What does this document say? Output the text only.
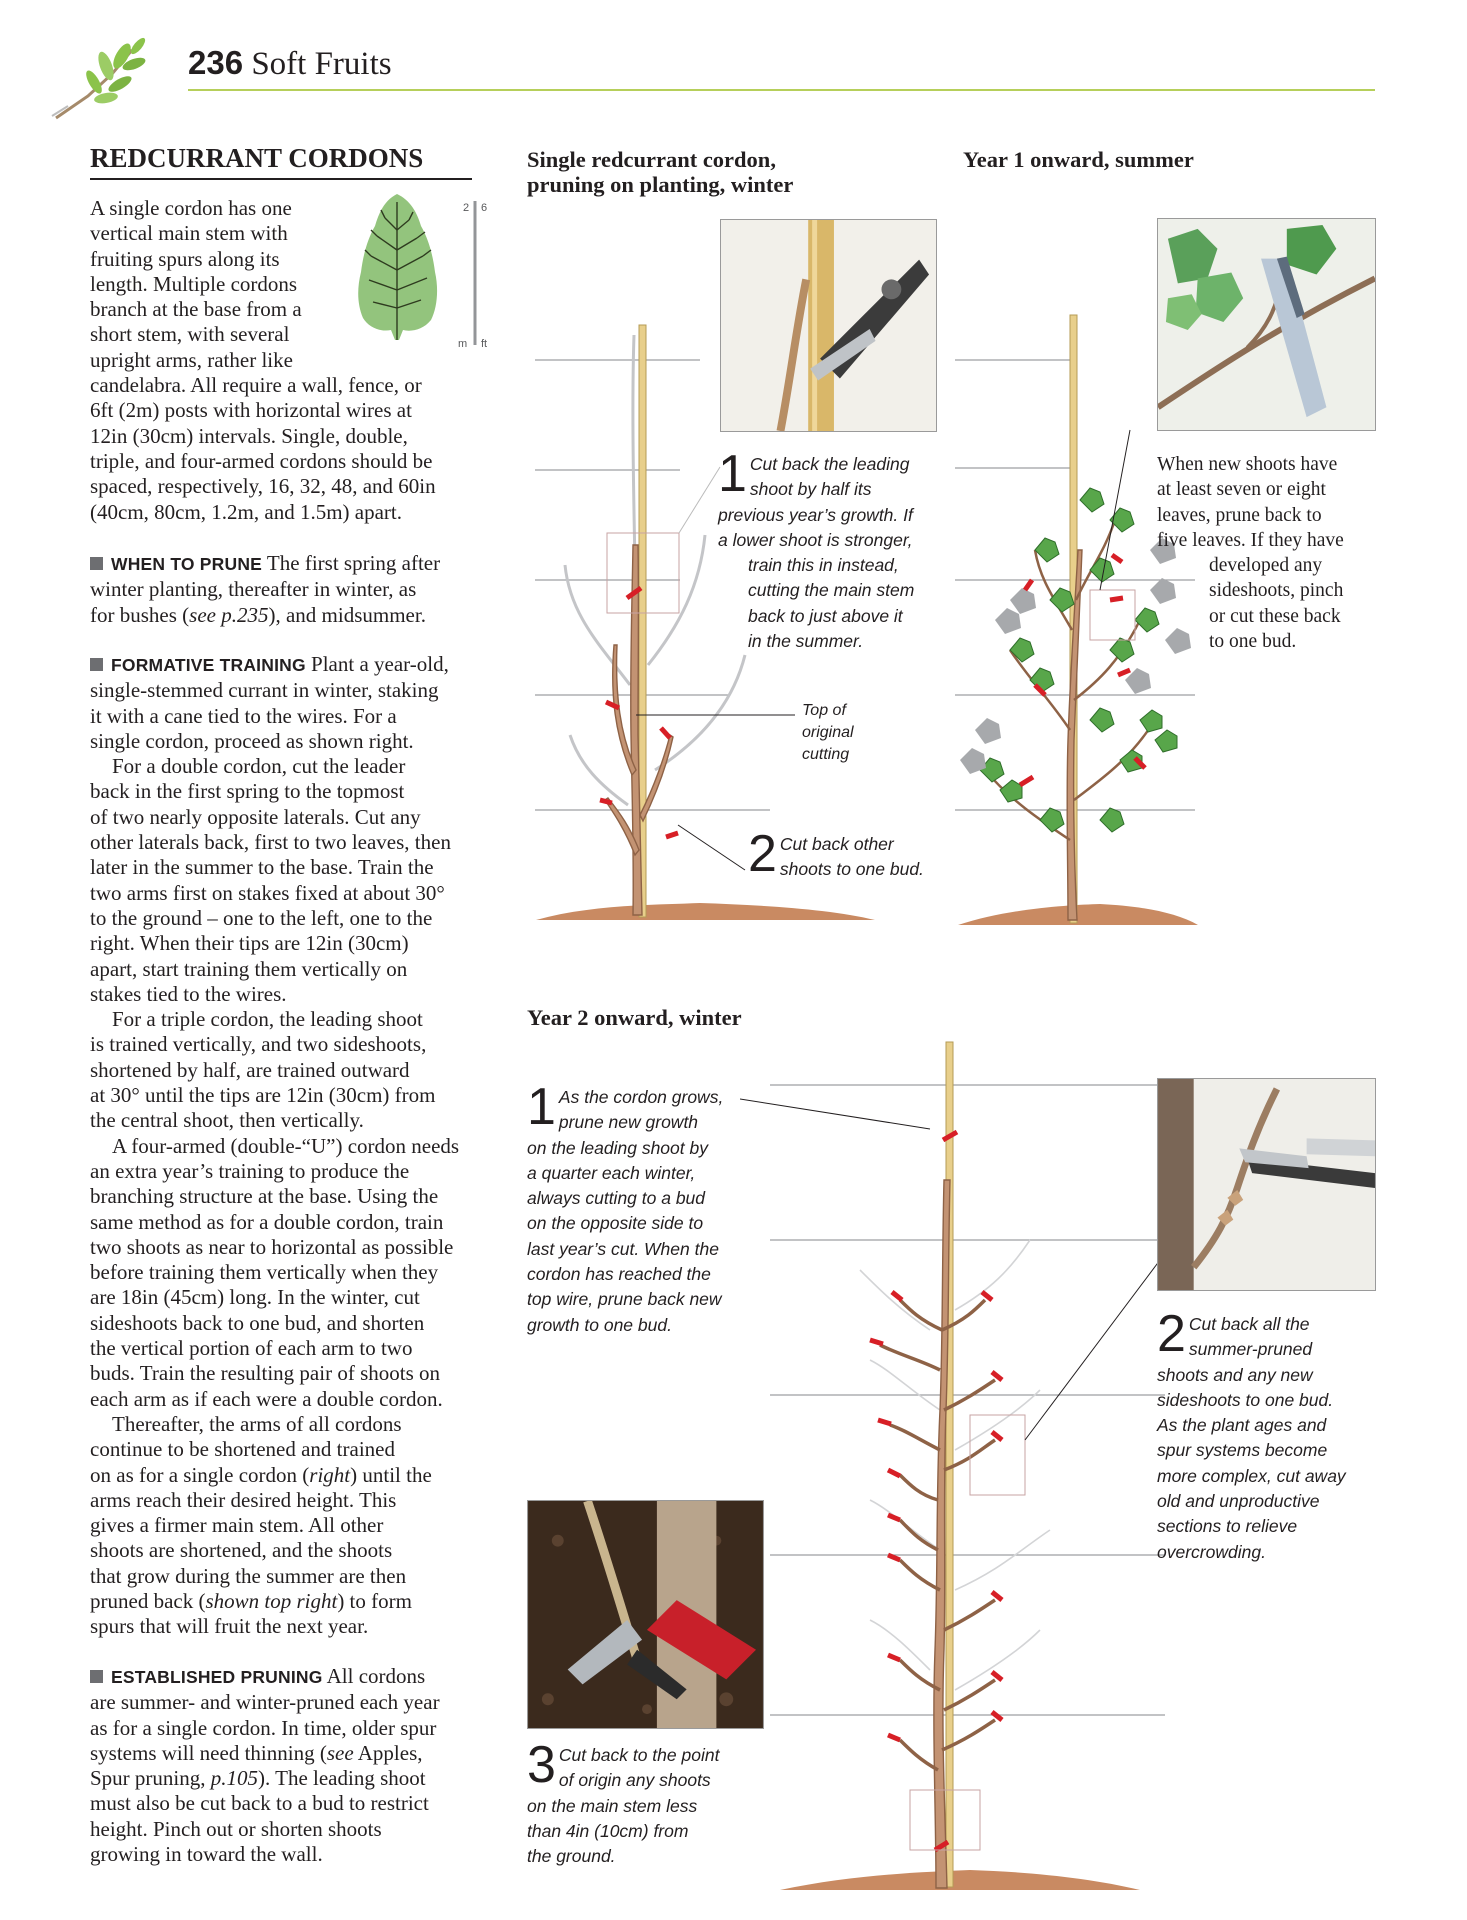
236 Soft Fruits
REDCURRANT CORDONS
A single cordon has one
vertical main stem with
fruiting spurs along its
length. Multiple cordons
branch at the base from a
short stem, with several
upright arms, rather like
candelabra. All require a wall, fence, or
6ft (2m) posts with horizontal wires at
12in (30cm) intervals. Single, double,
triple, and four-armed cordons should be
spaced, respectively, 16, 32, 48, and 60in
(40cm, 80cm, 1.2m, and 1.5m) apart.
2 6
m ft
WHEN TO PRUNE The first spring after
winter planting, thereafter in winter, as
for bushes (see p.235), and midsummer.
FORMATIVE TRAINING Plant a year-old,
single-stemmed currant in winter, staking
it with a cane tied to the wires. For a
single cordon, proceed as shown right.
For a double cordon, cut the leader
back in the first spring to the topmost
of two nearly opposite laterals. Cut any
other laterals back, first to two leaves, then
later in the summer to the base. Train the
two arms first on stakes fixed at about 30°
to the ground – one to the left, one to the
right. When their tips are 12in (30cm)
apart, start training them vertically on
stakes tied to the wires.
For a triple cordon, the leading shoot
is trained vertically, and two sideshoots,
shortened by half, are trained outward
at 30° until the tips are 12in (30cm) from
the central shoot, then vertically.
A four-armed (double-“U”) cordon needs
an extra year’s training to produce the
branching structure at the base. Using the
same method as for a double cordon, train
two shoots as near to horizontal as possible
before training them vertically when they
are 18in (45cm) long. In the winter, cut
sideshoots back to one bud, and shorten
the vertical portion of each arm to two
buds. Train the resulting pair of shoots on
each arm as if each were a double cordon.
Thereafter, the arms of all cordons
continue to be shortened and trained
on as for a single cordon (right) until the
arms reach their desired height. This
gives a firmer main stem. All other
shoots are shortened, and the shoots
that grow during the summer are then
pruned back (shown top right) to form
spurs that will fruit the next year.
ESTABLISHED PRUNING All cordons
are summer- and winter-pruned each year
as for a single cordon. In time, older spur
systems will need thinning (see Apples,
Spur pruning, p.105). The leading shoot
must also be cut back to a bud to restrict
height. Pinch out or shorten shoots
growing in toward the wall.
Single redcurrant cordon,
pruning on planting, winter
1 Cut back the leading
shoot by half its
previous year’s growth. If
a lower shoot is stronger,
train this in instead,
cutting the main stem
back to just above it
in the summer.
Top of
original
cutting
2 Cut back other
shoots to one bud.
Year 1 onward, summer
When new shoots have
at least seven or eight
leaves, prune back to
five leaves. If they have
developed any
sideshoots, pinch
or cut these back
to one bud.
Year 2 onward, winter
1 As the cordon grows,
prune new growth
on the leading shoot by
a quarter each winter,
always cutting to a bud
on the opposite side to
last year’s cut. When the
cordon has reached the
top wire, prune back new
growth to one bud.	2 Cut back all the
summer-pruned
shoots and any new
sideshoots to one bud.
As the plant ages and
spur systems become
more complex, cut away
old and unproductive
sections to relieve
overcrowding.
3 Cut back to the point
of origin any shoots
on the main stem less
than 4in (10cm) from
the ground.
